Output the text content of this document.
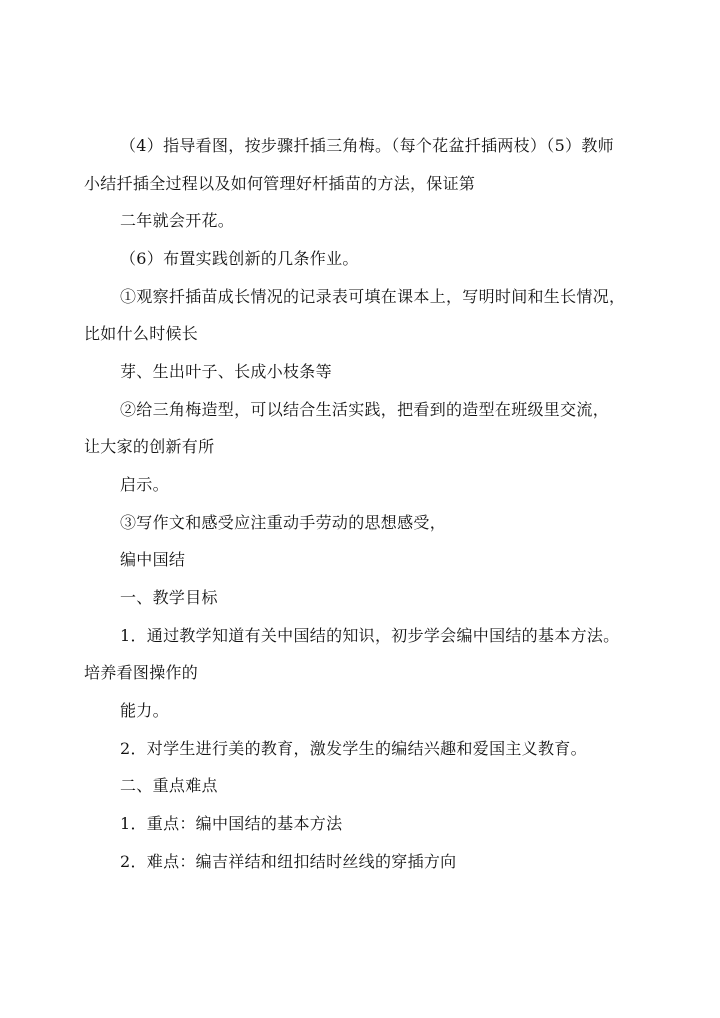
（4）指导看图，按步骤扦插三角梅。（每个花盆扦插两枝）（5）教师
小结扦插全过程以及如何管理好杆插苗的方法，保证第
二年就会开花。
（6）布置实践创新的几条作业。
①观察扦插苗成长情况的记录表可填在课本上，写明时间和生长情况，
比如什么时候长
芽、生出叶子、长成小枝条等
②给三角梅造型，可以结合生活实践，把看到的造型在班级里交流，
让大家的创新有所
启示。
③写作文和感受应注重动手劳动的思想感受，
编中国结
一、教学目标
1．通过教学知道有关中国结的知识，初步学会编中国结的基本方法。
培养看图操作的
能力。
2．对学生进行美的教育，激发学生的编结兴趣和爱国主义教育。
二、重点难点
1．重点：编中国结的基本方法
2．难点：编吉祥结和纽扣结时丝线的穿插方向
